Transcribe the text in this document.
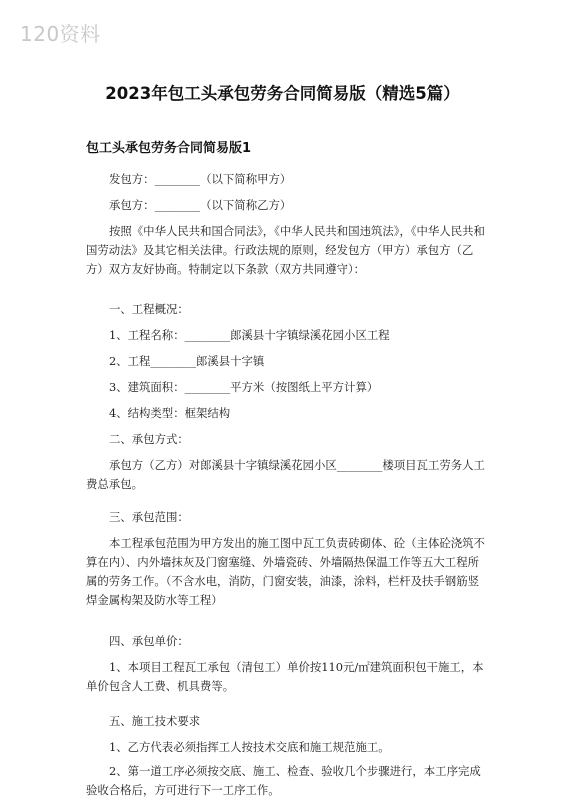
120资料
2023年包工头承包劳务合同简易版（精选5篇）
包工头承包劳务合同简易版1

发包方：________（以下简称甲方）

承包方：________（以下简称乙方）

按照《中华人民共和国合同法》，《中华人民共和国违筑法》，《中华人民共和国劳动法》及其它相关法律。行政法规的原则，经发包方（甲方）承包方（乙方）双方友好协商。特制定以下条款（双方共同遵守）：

一、工程概况：

1、工程名称：________郎溪县十字镇绿溪花园小区工程

2、工程________郎溪县十字镇

3、建筑面积：________平方米（按图纸上平方计算）

4、结构类型：框架结构

二、承包方式：

承包方（乙方）对郎溪县十字镇绿溪花园小区________楼项目瓦工劳务人工费总承包。

三、承包范围：

本工程承包范围为甲方发出的施工图中瓦工负责砖砌体、砼（主体砼浇筑不算在内）、内外墙抹灰及门窗塞缝、外墙瓷砖、外墙隔热保温工作等五大工程所属的劳务工作。（不含水电，消防，门窗安装，油漆，涂料，栏杆及扶手钢筋竖焊金属构架及防水等工程）

四、承包单价：

1、本项目工程瓦工承包（清包工）单价按110元/㎡建筑面积包干施工，本单价包含人工费、机具费等。

五、施工技术要求

1、乙方代表必须指挥工人按技术交底和施工规范施工。

2、第一道工序必须按交底、施工、检查、验收几个步骤进行，本工序完成验收合格后，方可进行下一工序工作。
